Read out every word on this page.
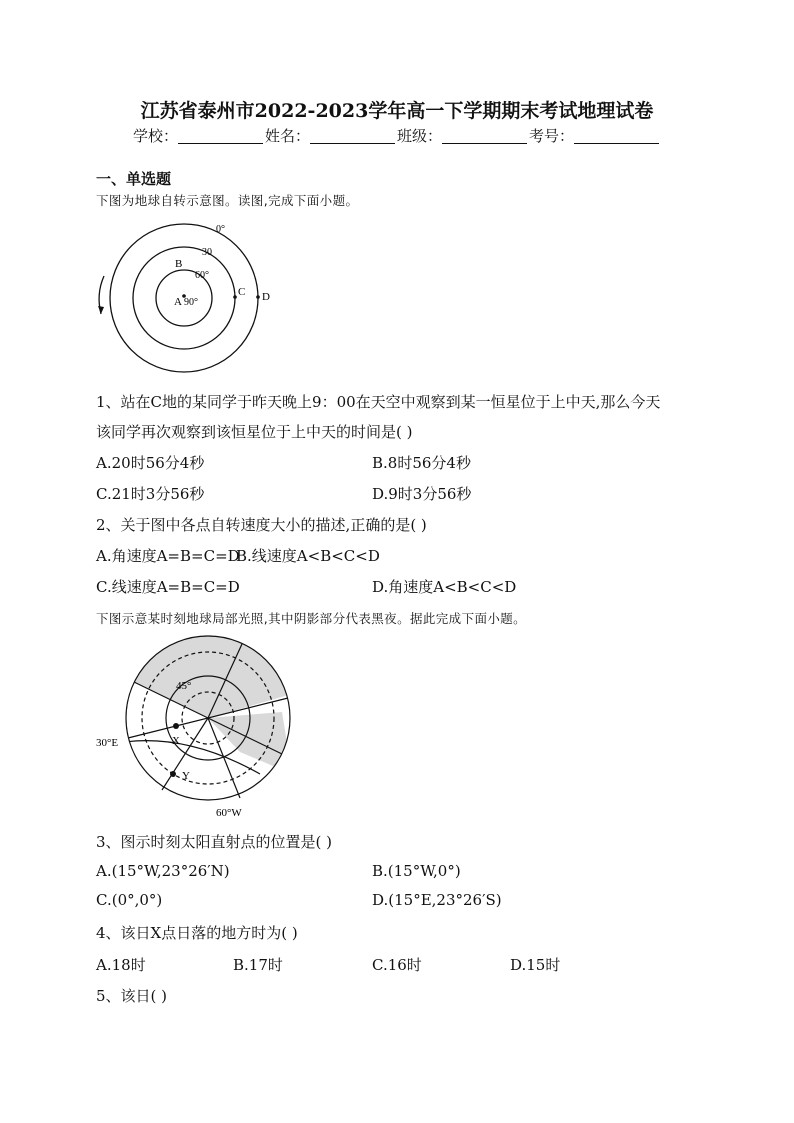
江苏省泰州市2022-2023学年高一下学期期末考试地理试卷
学校：	姓名：	班级：	考号：
一、单选题
下图为地球自转示意图。读图,完成下面小题。
0°
30
B
60°
A 90°
C D
1、站在C地的某同学于昨天晚上9：00在天空中观察到某一恒星位于上中天,那么今天
该同学再次观察到该恒星位于上中天的时间是( )
A.20时56分4秒	B.8时56分4秒
C.21时3分56秒	D.9时3分56秒
2、关于图中各点自转速度大小的描述,正确的是( )
A.角速度A=B=C=D
B.线速度A<B<C<D
C.线速度A=B=C=D	D.角速度A<B<C<D
下图示意某时刻地球局部光照,其中阴影部分代表黑夜。据此完成下面小题。
45°
30°E	X
Y
60°W
3、图示时刻太阳直射点的位置是( )
A.(15°W,23°26′N)	B.(15°W,0°)
C.(0°,0°)	D.(15°E,23°26′S)
4、该日X点日落的地方时为( )
A.18时	B.17时	C.16时	D.15时
5、该日( )
